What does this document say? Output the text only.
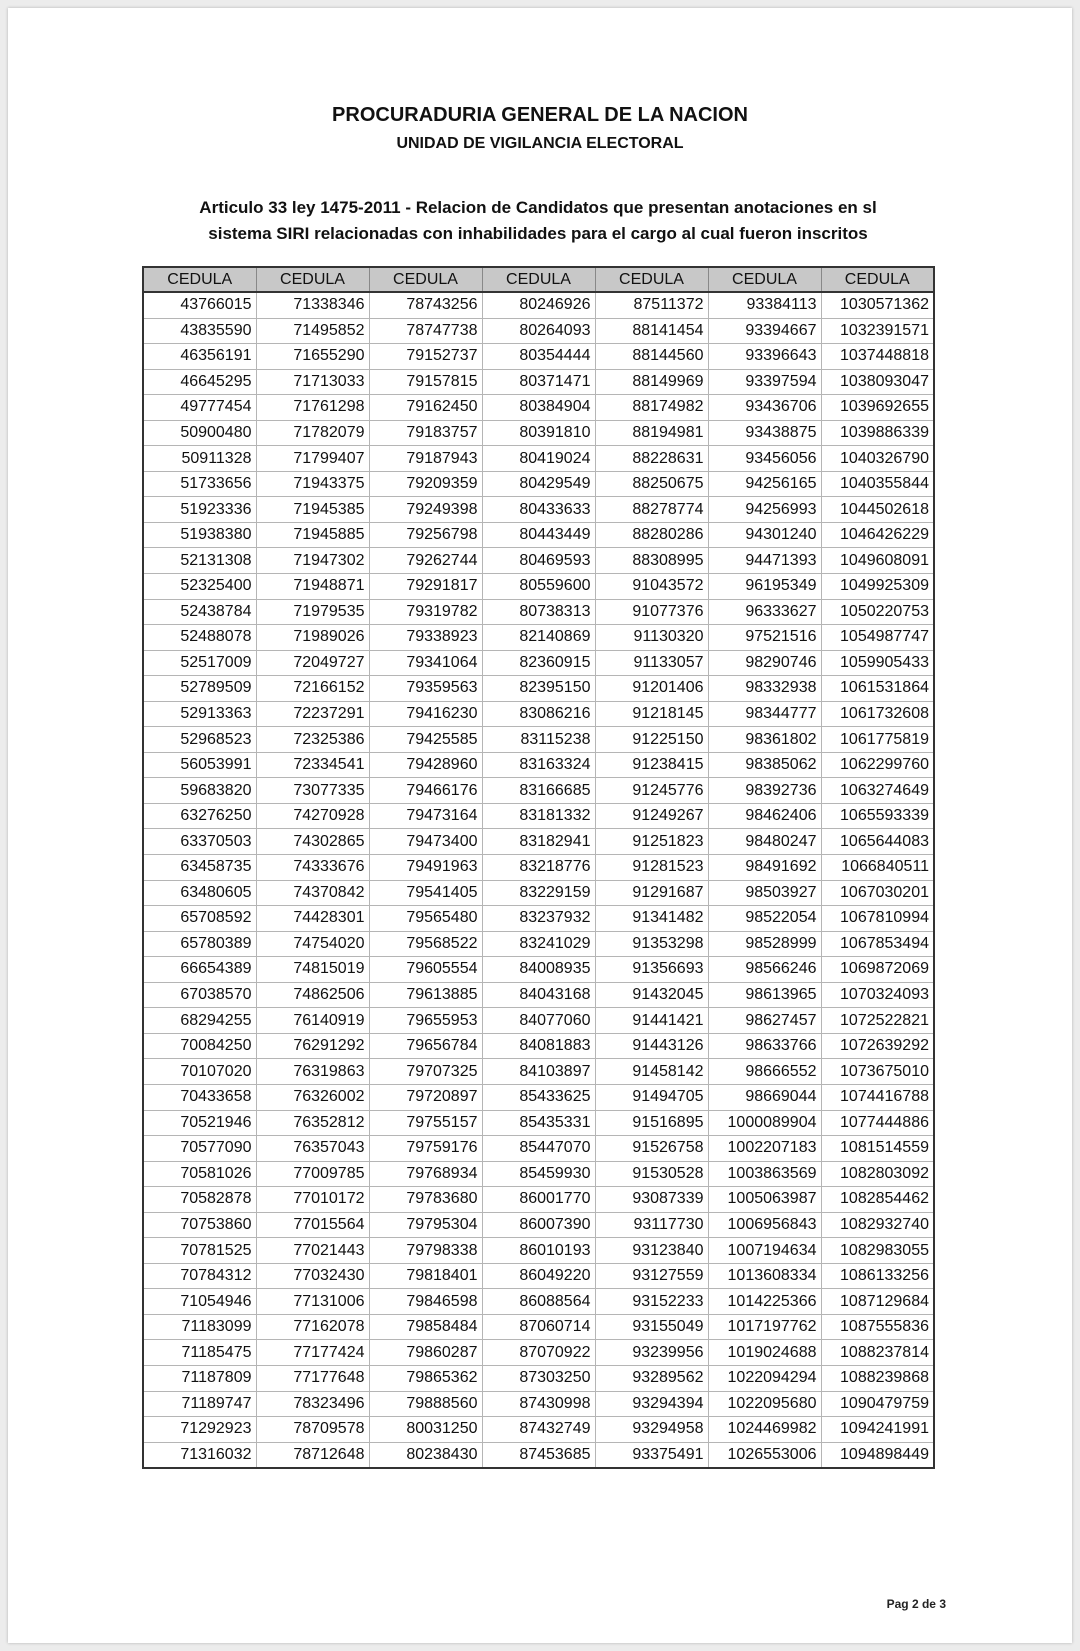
PROCURADURIA GENERAL DE LA NACION

UNIDAD DE VIGILANCIA ELECTORAL

Articulo 33 ley 1475-2011 - Relacion de Candidatos que presentan anotaciones en sl
sistema SIRI relacionadas con inhabilidades para el cargo al cual fueron inscritos
CEDULA	CEDULA	CEDULA	CEDULA	CEDULA	CEDULA	CEDULA
43766015	71338346	78743256	80246926	87511372	93384113	1030571362
43835590	71495852	78747738	80264093	88141454	93394667	1032391571
46356191	71655290	79152737	80354444	88144560	93396643	1037448818
46645295	71713033	79157815	80371471	88149969	93397594	1038093047
49777454	71761298	79162450	80384904	88174982	93436706	1039692655
50900480	71782079	79183757	80391810	88194981	93438875	1039886339
50911328	71799407	79187943	80419024	88228631	93456056	1040326790
51733656	71943375	79209359	80429549	88250675	94256165	1040355844
51923336	71945385	79249398	80433633	88278774	94256993	1044502618
51938380	71945885	79256798	80443449	88280286	94301240	1046426229
52131308	71947302	79262744	80469593	88308995	94471393	1049608091
52325400	71948871	79291817	80559600	91043572	96195349	1049925309
52438784	71979535	79319782	80738313	91077376	96333627	1050220753
52488078	71989026	79338923	82140869	91130320	97521516	1054987747
52517009	72049727	79341064	82360915	91133057	98290746	1059905433
52789509	72166152	79359563	82395150	91201406	98332938	1061531864
52913363	72237291	79416230	83086216	91218145	98344777	1061732608
52968523	72325386	79425585	83115238	91225150	98361802	1061775819
56053991	72334541	79428960	83163324	91238415	98385062	1062299760
59683820	73077335	79466176	83166685	91245776	98392736	1063274649
63276250	74270928	79473164	83181332	91249267	98462406	1065593339
63370503	74302865	79473400	83182941	91251823	98480247	1065644083
63458735	74333676	79491963	83218776	91281523	98491692	1066840511
63480605	74370842	79541405	83229159	91291687	98503927	1067030201
65708592	74428301	79565480	83237932	91341482	98522054	1067810994
65780389	74754020	79568522	83241029	91353298	98528999	1067853494
66654389	74815019	79605554	84008935	91356693	98566246	1069872069
67038570	74862506	79613885	84043168	91432045	98613965	1070324093
68294255	76140919	79655953	84077060	91441421	98627457	1072522821
70084250	76291292	79656784	84081883	91443126	98633766	1072639292
70107020	76319863	79707325	84103897	91458142	98666552	1073675010
70433658	76326002	79720897	85433625	91494705	98669044	1074416788
70521946	76352812	79755157	85435331	91516895	1000089904	1077444886
70577090	76357043	79759176	85447070	91526758	1002207183	1081514559
70581026	77009785	79768934	85459930	91530528	1003863569	1082803092
70582878	77010172	79783680	86001770	93087339	1005063987	1082854462
70753860	77015564	79795304	86007390	93117730	1006956843	1082932740
70781525	77021443	79798338	86010193	93123840	1007194634	1082983055
70784312	77032430	79818401	86049220	93127559	1013608334	1086133256
71054946	77131006	79846598	86088564	93152233	1014225366	1087129684
71183099	77162078	79858484	87060714	93155049	1017197762	1087555836
71185475	77177424	79860287	87070922	93239956	1019024688	1088237814
71187809	77177648	79865362	87303250	93289562	1022094294	1088239868
71189747	78323496	79888560	87430998	93294394	1022095680	1090479759
71292923	78709578	80031250	87432749	93294958	1024469982	1094241991
71316032	78712648	80238430	87453685	93375491	1026553006	1094898449
Pag 2 de 3
